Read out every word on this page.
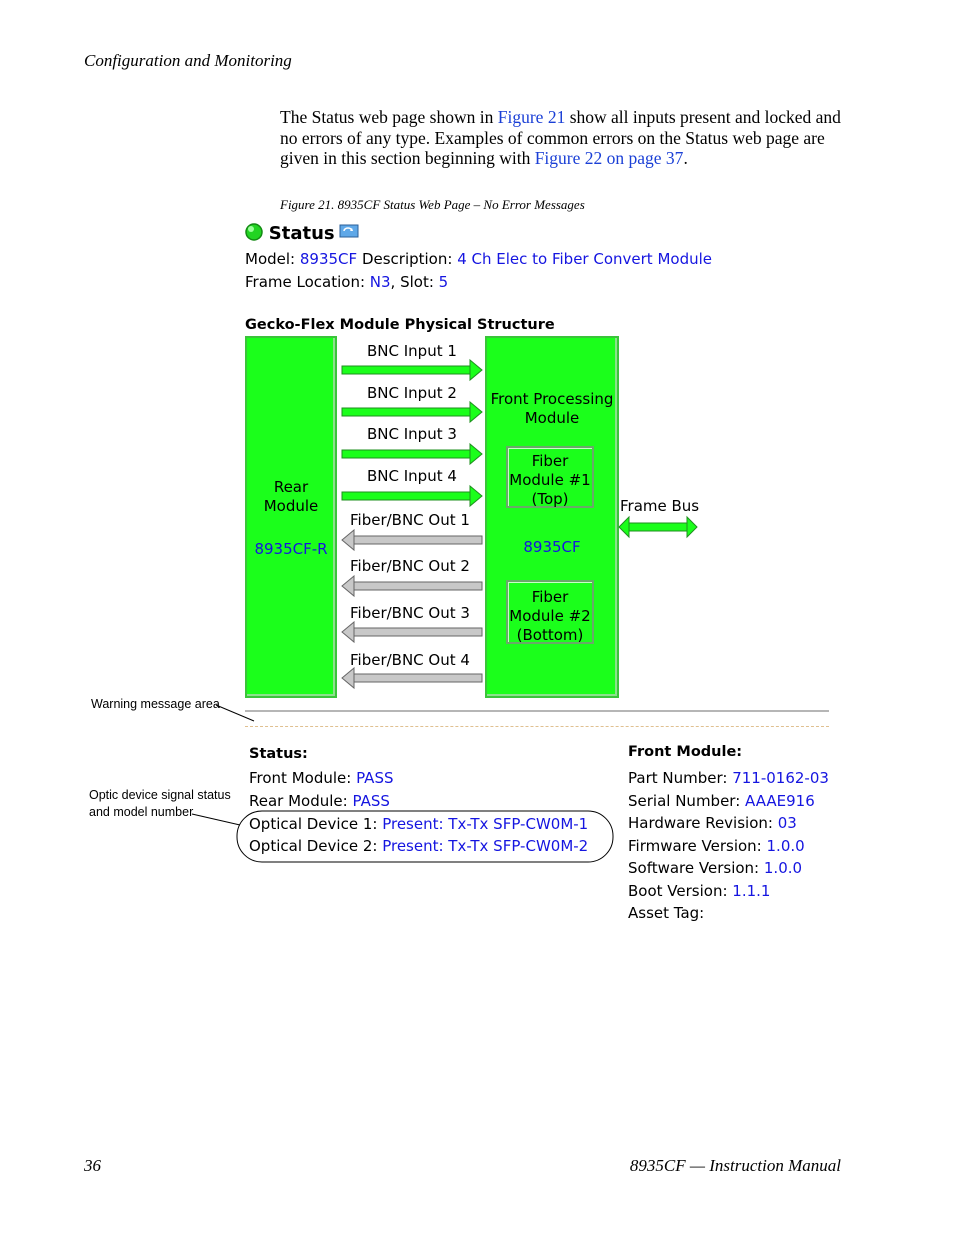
Configuration and Monitoring
The Status web page shown in Figure 21 show all inputs present and locked and no errors of any type. Examples of common errors on the Status web page are given in this section beginning with Figure 22 on page 37.
Figure 21. 8935CF Status Web Page – No Error Messages
Status
Model: 8935CF Description: 4 Ch Elec to Fiber Convert Module
Frame Location: N3, Slot: 5
Gecko-Flex Module Physical Structure
Rear Module
8935CF-R
BNC Input 1
BNC Input 2
BNC Input 3
BNC Input 4
Fiber/BNC Out 1
Fiber/BNC Out 2
Fiber/BNC Out 3
Fiber/BNC Out 4
Front Processing Module
Fiber Module #1 (Top)
8935CF
Fiber Module #2 (Bottom)
Frame Bus
Warning message area
Status:
Front Module: PASS
Rear Module: PASS
Optical Device 1: Present: Tx-Tx SFP-CW0M-1
Optical Device 2: Present: Tx-Tx SFP-CW0M-2
Optic device signal status
and model number
Front Module:
Part Number: 711-0162-03
Serial Number: AAAE916
Hardware Revision: 03
Firmware Version: 1.0.0
Software Version: 1.0.0
Boot Version: 1.1.1
Asset Tag:
36	8935CF — Instruction Manual
